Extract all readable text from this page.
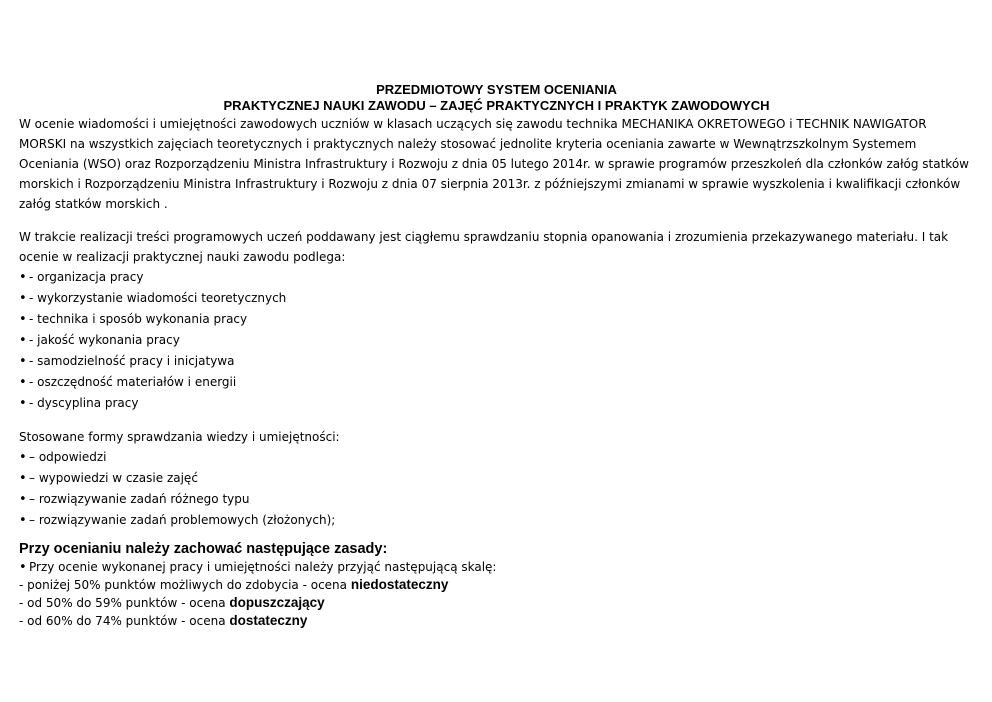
PRZEDMIOTOWY SYSTEM OCENIANIA

PRAKTYCZNEJ NAUKI ZAWODU – ZAJĘĆ PRAKTYCZNYCH I PRAKTYK ZAWODOWYCH

W ocenie wiadomości i umiejętności zawodowych uczniów w klasach uczących się zawodu technika MECHANIKA OKRETOWEGO i TECHNIK NAWIGATOR MORSKI na wszystkich zajęciach teoretycznych i praktycznych należy stosować jednolite kryteria oceniania zawarte w Wewnątrzszkolnym Systemem Oceniania (WSO) oraz Rozporządzeniu Ministra Infrastruktury i Rozwoju z dnia 05 lutego 2014r. w sprawie programów przeszkoleń dla członków załóg statków morskich i Rozporządzeniu Ministra Infrastruktury i Rozwoju z dnia 07 sierpnia 2013r. z późniejszymi zmianami w sprawie wyszkolenia i kwalifikacji członków załóg statków morskich .

W trakcie realizacji treści programowych uczeń poddawany jest ciągłemu sprawdzaniu stopnia opanowania i zrozumienia przekazywanego materiału. I tak ocenie w realizacji praktycznej nauki zawodu podlega:

• - organizacja pracy

• - wykorzystanie wiadomości teoretycznych

• - technika i sposób wykonania pracy

• - jakość wykonania pracy

• - samodzielność pracy i inicjatywa

• - oszczędność materiałów i energii

• - dyscyplina pracy

Stosowane formy sprawdzania wiedzy i umiejętności:

• – odpowiedzi

• – wypowiedzi w czasie zajęć

• – rozwiązywanie zadań różnego typu

• – rozwiązywanie zadań problemowych (złożonych);

Przy ocenianiu należy zachować następujące zasady:

• Przy ocenie wykonanej pracy i umiejętności należy przyjąć następującą skalę:

- poniżej 50% punktów możliwych do zdobycia - ocena niedostateczny

- od 50% do 59% punktów - ocena dopuszczający

- od 60% do 74% punktów - ocena dostateczny
